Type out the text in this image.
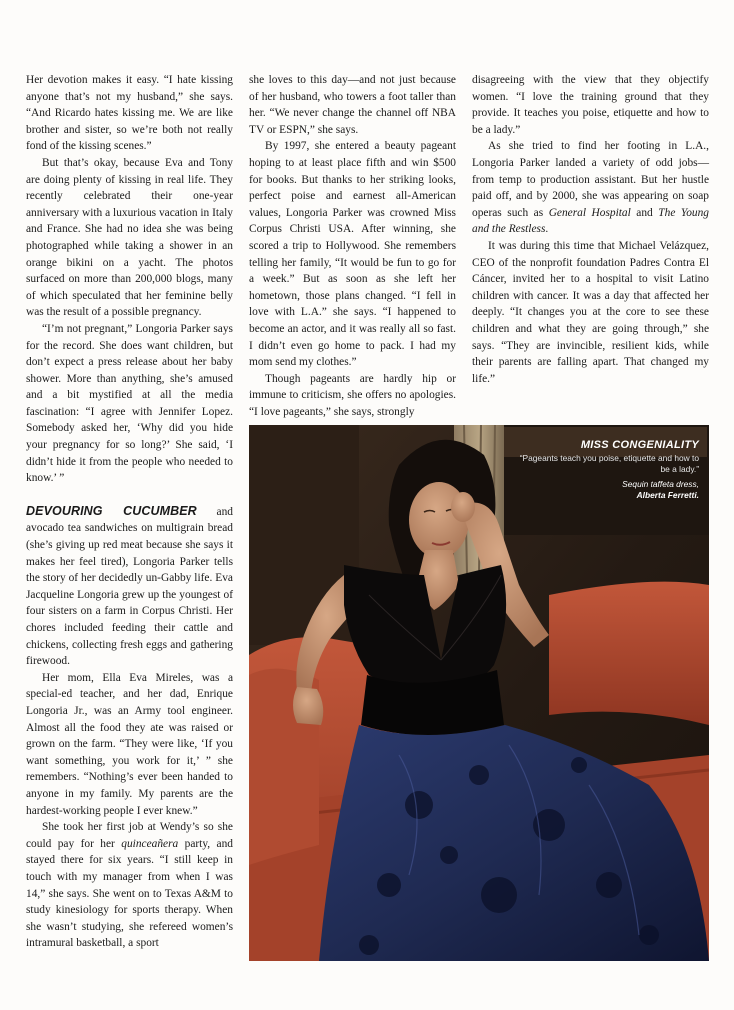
Her devotion makes it easy. “I hate kissing anyone that’s not my husband,” she says. “And Ricardo hates kissing me. We are like brother and sister, so we’re both not really fond of the kissing scenes.”

But that’s okay, because Eva and Tony are doing plenty of kissing in real life. They recently celebrated their one-year anniversary with a luxurious vacation in Italy and France. She had no idea she was being photographed while taking a shower in an orange bikini on a yacht. The photos surfaced on more than 200,000 blogs, many of which speculated that her feminine belly was the result of a possible pregnancy.

“I’m not pregnant,” Longoria Parker says for the record. She does want children, but don’t expect a press release about her baby shower. More than anything, she’s amused and a bit mystified at all the media fascination: “I agree with Jennifer Lopez. Somebody asked her, ‘Why did you hide your pregnancy for so long?’ She said, ‘I didn’t hide it from the people who needed to know.’ ”

DEVOURING CUCUMBER and avocado tea sandwiches on multigrain bread (she’s giving up red meat because she says it makes her feel tired), Longoria Parker tells the story of her decidedly un-Gabby life. Eva Jacqueline Longoria grew up the youngest of four sisters on a farm in Corpus Christi. Her chores included feeding their cattle and chickens, collecting fresh eggs and gathering firewood.

Her mom, Ella Eva Mireles, was a special-ed teacher, and her dad, Enrique Longoria Jr., was an Army tool engineer. Almost all the food they ate was raised or grown on the farm. “They were like, ‘If you want something, you work for it,’ ” she remembers. “Nothing’s ever been handed to anyone in my family. My parents are the hardest-working people I ever knew.”

She took her first job at Wendy’s so she could pay for her quinceañera party, and stayed there for six years. “I still keep in touch with my manager from when I was 14,” she says. She went on to Texas A&M to study kinesiology for sports therapy. When she wasn’t studying, she refereed women’s intramural basketball, a sport

she loves to this day—and not just because of her husband, who towers a foot taller than her. “We never change the channel off NBA TV or ESPN,” she says.

By 1997, she entered a beauty pageant hoping to at least place fifth and win $500 for books. But thanks to her striking looks, perfect poise and earnest all-American values, Longoria Parker was crowned Miss Corpus Christi USA. After winning, she scored a trip to Hollywood. She remembers telling her family, “It would be fun to go for a week.” But as soon as she left her hometown, those plans changed. “I fell in love with L.A.” she says. “I happened to become an actor, and it was really all so fast. I didn’t even go home to pack. I had my mom send my clothes.”

Though pageants are hardly hip or immune to criticism, she offers no apologies. “I love pageants,” she says, strongly

disagreeing with the view that they objectify women. “I love the training ground that they provide. It teaches you poise, etiquette and how to be a lady.”

As she tried to find her footing in L.A., Longoria Parker landed a variety of odd jobs—from temp to production assistant. But her hustle paid off, and by 2000, she was appearing on soap operas such as General Hospital and The Young and the Restless.

It was during this time that Michael Velázquez, CEO of the nonprofit foundation Padres Contra El Cáncer, invited her to a hospital to visit Latino children with cancer. It was a day that affected her deeply. “It changes you at the core to see these children and what they are going through,” she says. “They are invincible, resilient kids, while their parents are falling apart. That changed my life.”

MISS CONGENIALITY
“Pageants teach you poise, etiquette and how to be a lady.”
Sequin taffeta dress,
Alberta Ferretti.
